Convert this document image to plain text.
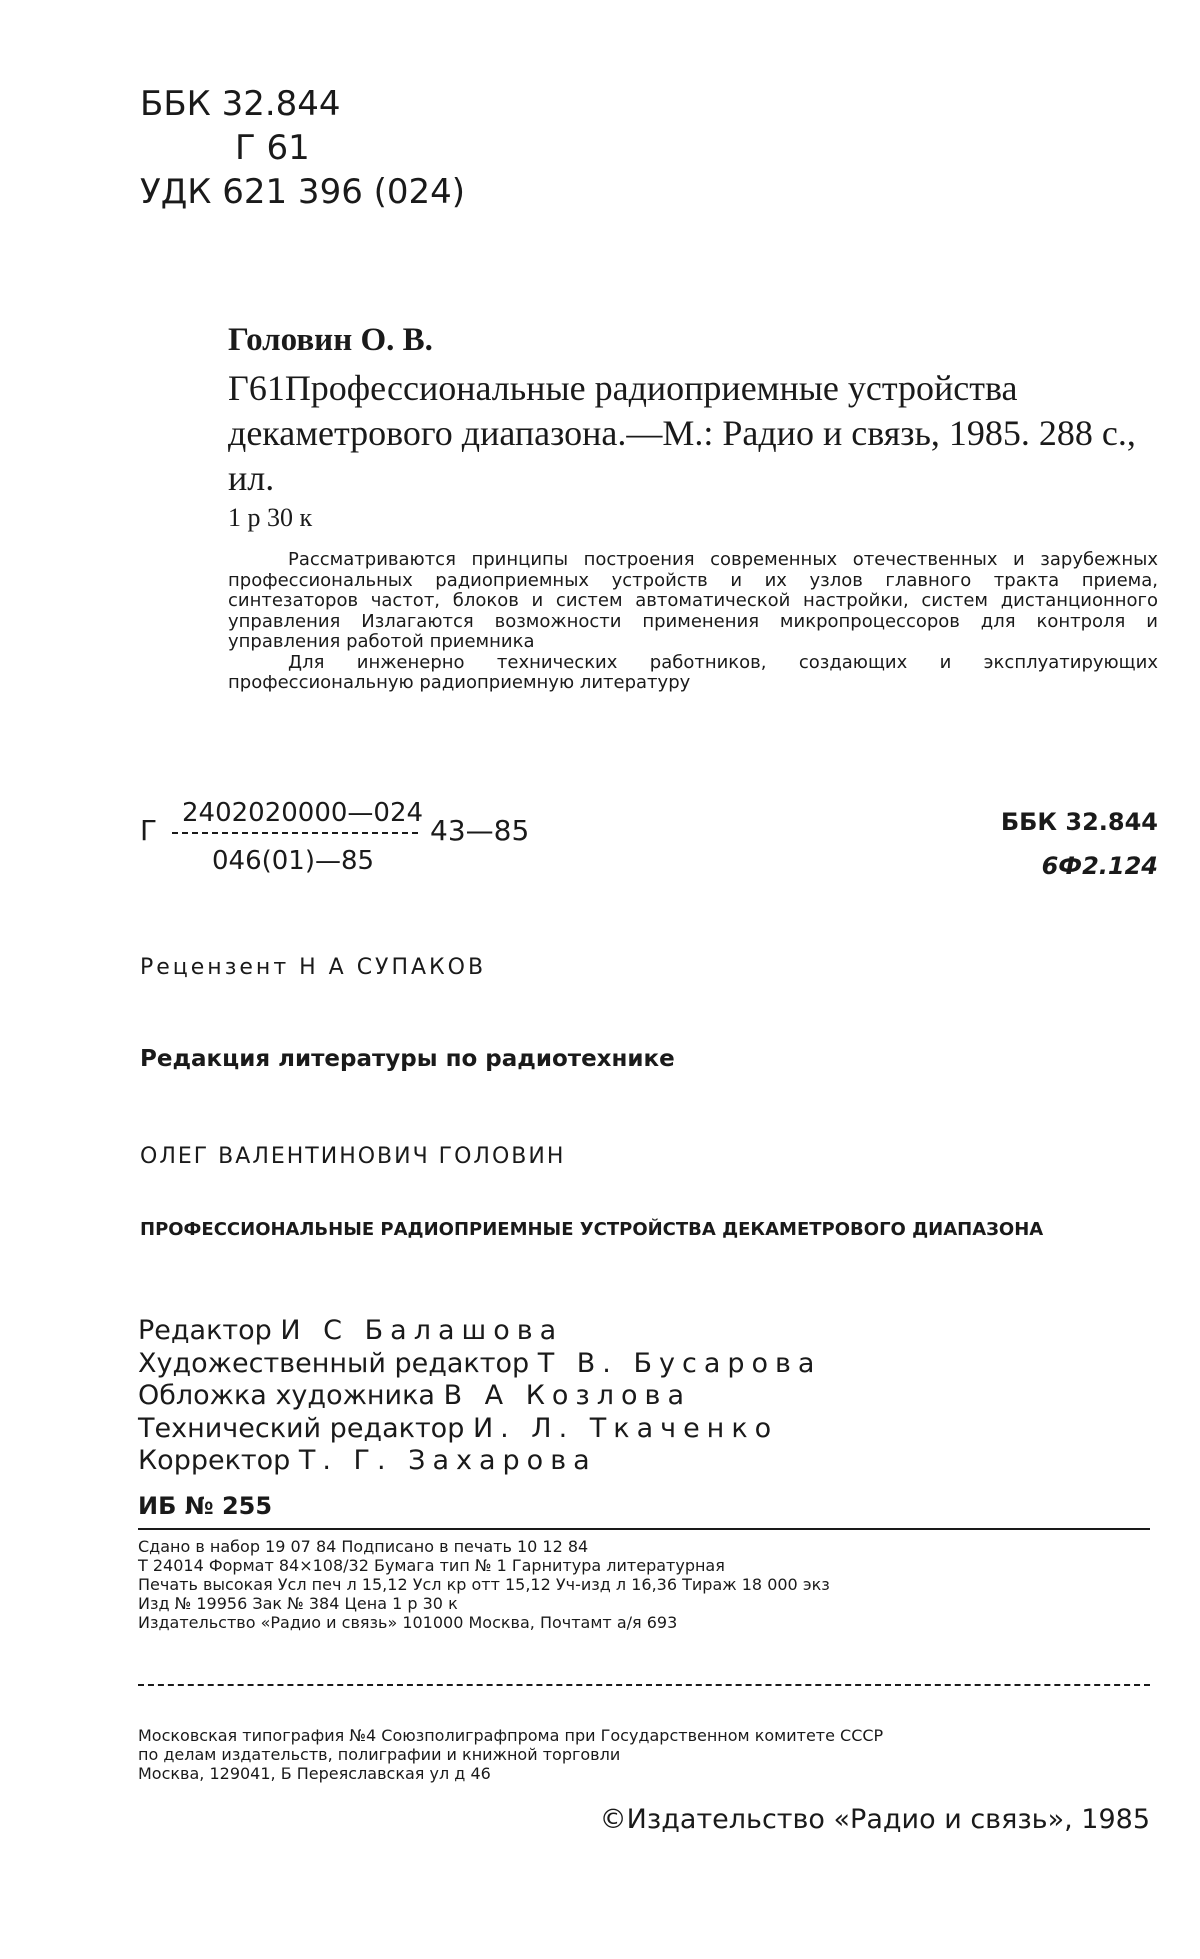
ББК 32.844
Г 61
УДК 621 396 (024)
Головин О. В.
Г61Профессиональные радиоприемные устройства декаметрового диапазона.—М.: Радио и связь, 1985. 288 с., ил.
1 р 30 к

Рассматриваются принципы построения современных отечественных и зарубежных профессиональных радиоприемных устройств и их узлов главного тракта приема, синтезаторов частот, блоков и систем автоматической настройки, систем дистанционного управления Излагаются возможности применения микропроцессоров для контроля и управления работой приемника

Для инженерно технических работников, создающих и эксплуатирующих профессиональную радиоприемную литературу

Г
2402020000—024
046(01)—85
43—85	ББК 32.844
6Ф2.124
Рецензент Н А СУПАКОВ
Редакция литературы по радиотехнике
ОЛЕГ ВАЛЕНТИНОВИЧ ГОЛОВИН
ПРОФЕССИОНАЛЬНЫЕ РАДИОПРИЕМНЫЕ УСТРОЙСТВА ДЕКАМЕТРОВОГО ДИАПАЗОНА
Редактор И С Балашова
Художественный редактор Т В. Бусарова
Обложка художника В А Козлова
Технический редактор И. Л. Ткаченко
Корректор Т. Г. Захарова
ИБ № 255
Сдано в набор 19 07 84 Подписано в печать 10 12 84
Т 24014 Формат 84×108/32 Бумага тип № 1 Гарнитура литературная
Печать высокая Усл печ л 15,12 Усл кр отт 15,12 Уч-изд л 16,36 Тираж 18 000 экз
Изд № 19956 Зак № 384 Цена 1 р 30 к
Издательство «Радио и связь» 101000 Москва, Почтамт а/я 693
Московская типография №4 Союзполиграфпрома при Государственном комитете СССР
по делам издательств, полиграфии и книжной торговли
Москва, 129041, Б Переяславская ул д 46
©Издательство «Радио и связь», 1985
